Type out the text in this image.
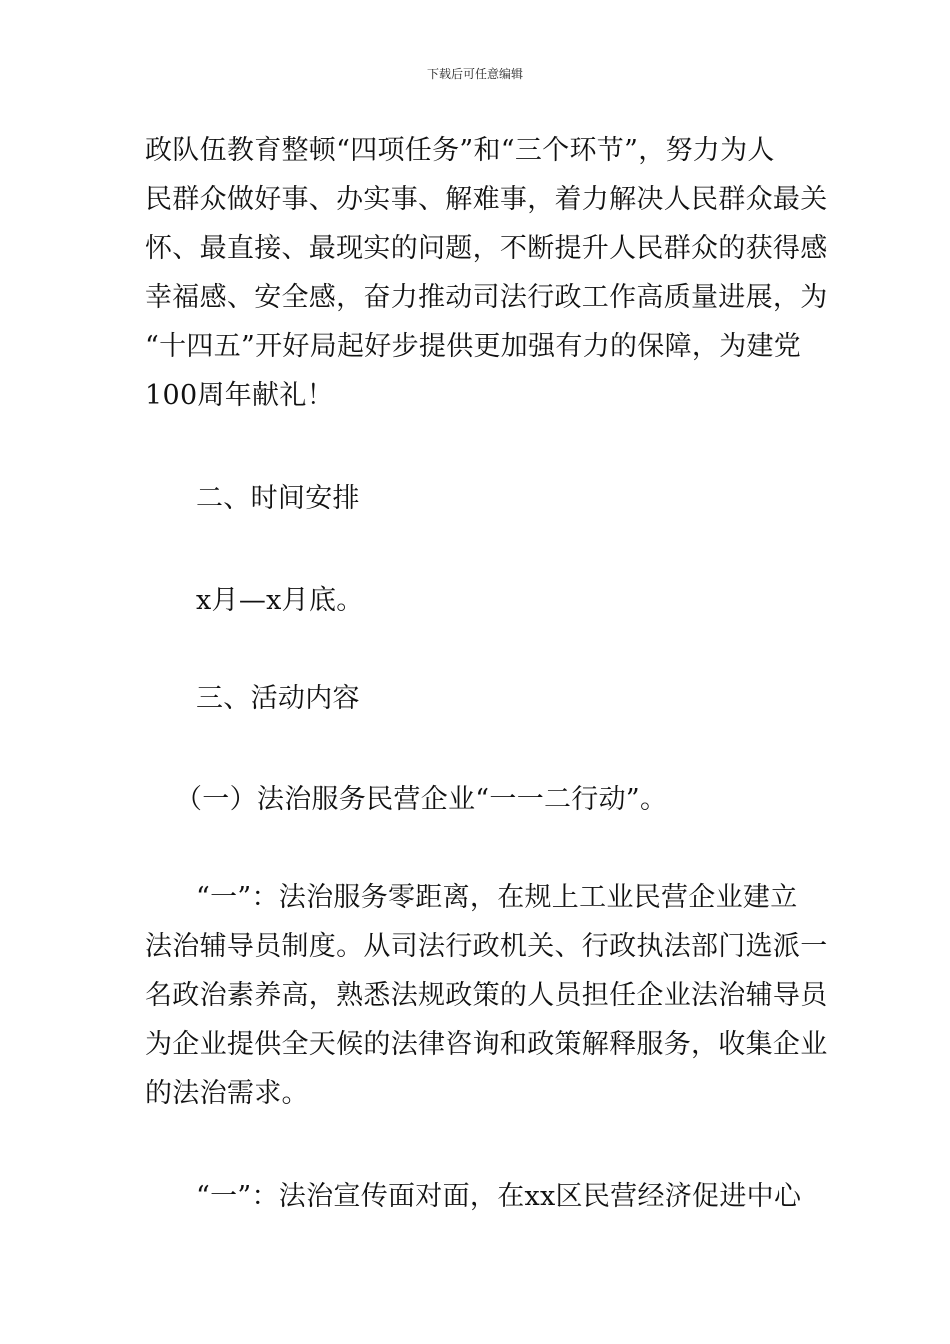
下载后可任意编辑
政队伍教育整顿“四项任务”和“三个环节”，努力为人
民群众做好事、办实事、解难事，着力解决人民群众最关
怀、最直接、最现实的问题，不断提升人民群众的获得感
幸福感、安全感，奋力推动司法行政工作高质量进展，为
“十四五”开好局起好步提供更加强有力的保障，为建党
100周年献礼！
二、时间安排
x月—x月底。
三、活动内容
（一）法治服务民营企业“一一二行动”。
“一”：法治服务零距离，在规上工业民营企业建立
法治辅导员制度。从司法行政机关、行政执法部门选派一
名政治素养高，熟悉法规政策的人员担任企业法治辅导员
为企业提供全天候的法律咨询和政策解释服务，收集企业
的法治需求。
“一”：法治宣传面对面，在xx区民营经济促进中心
